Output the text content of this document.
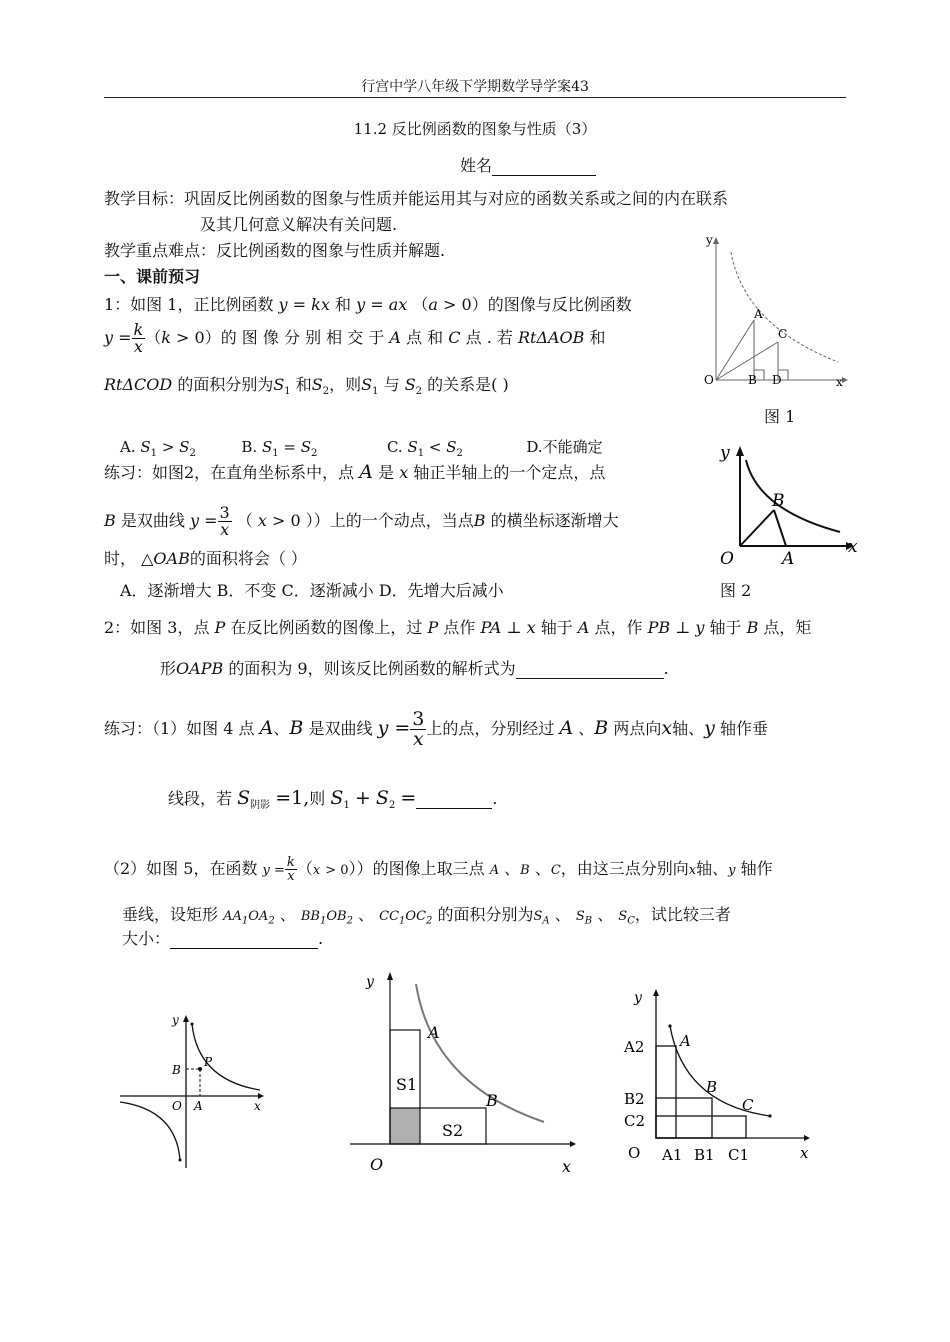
行宫中学八年级下学期数学导学案43
11.2 反比例函数的图象与性质（3）
姓名
教学目标：巩固反比例函数的图象与性质并能运用其与对应的函数关系或之间的内在联系
及其几何意义解决有关问题.
教学重点难点：反比例函数的图象与性质并解题.
一、课前预习
1：如图 1，正比例函数 y = kx 和 y = ax （a > 0）的图像与反比例函数
$y = \frac{k}{x} (k > 0)$的 图 像 分 别 相 交 于 A 点 和 C 点 . 若 RtΔAOB 和
RtΔCOD 的面积分别为$S_1$ 和$S_2$，则$S_1$ 与 $S_2$ 的关系是( )
A. $S_1 > S_2$	B. $S_1 = S_2$	C. $S_1 < S_2$	D.不能确定
练习：如图2，在直角坐标系中，点 A 是 x 轴正半轴上的一个定点，点
B 是双曲线 $y = \frac{3}{x}$ （ x > 0 ））上的一个动点，当点B 的横坐标逐渐增大
时， △OAB的面积将会（ ）
A．逐渐增大 B．不变 C．逐渐减小 D．先增大后减小
2：如图 3，点 P 在反比例函数的图像上，过 P 点作 PA ⊥ x 轴于 A 点，作 PB ⊥ y 轴于 B 点，矩
形OAPB 的面积为 9，则该反比例函数的解析式为	.
练习：（1）如图 4 点 A、B 是双曲线 $y = \frac{3}{x}$ 上的点，分别经过 A 、B 两点向x轴、y 轴作垂
线段，若 $S_{阴影} =1$,则 $S_1 + S_2$ =	.
（2）如图 5，在函数 $y = \frac{k}{x} (x > 0)$）的图像上取三点 A 、B 、C，由这三点分别向x轴、y 轴作
垂线，设矩形 $AA_1OA_2$ 、 $BB_1OB_2$ 、 $CC_1OC_2$ 的面积分别为$S_A$ 、 $S_B$ 、 $S_C$，试比较三者
大小：	.
y
A
C
O	B D	x
图 1
y
B
O	A
x
图 2
y
B
P
O A	x
y
A
S1
B
S2
O	x
y
A2 A
B2
B
C2
C
O A1 B1 C1	x
